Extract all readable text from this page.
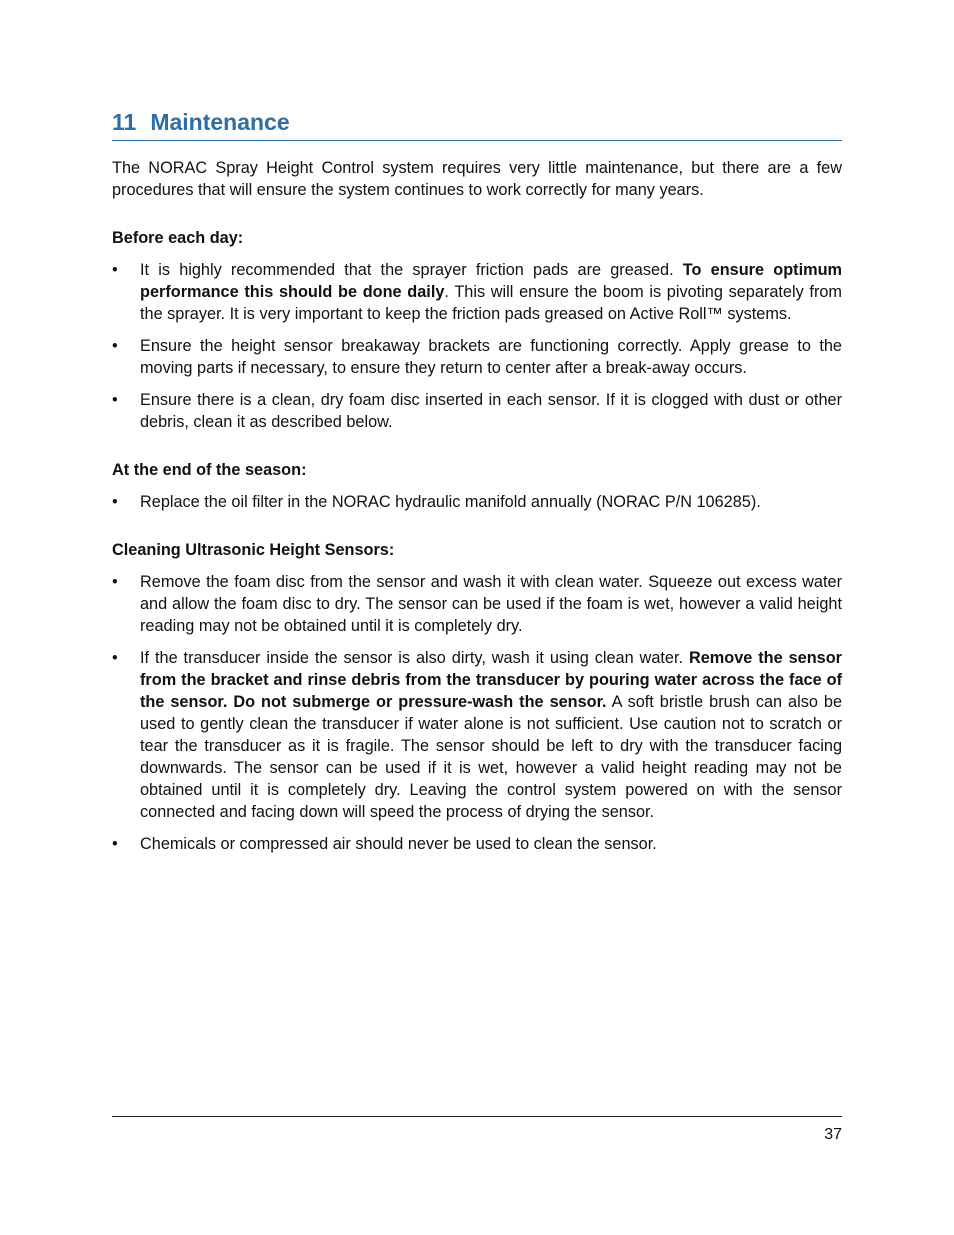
11 Maintenance

The NORAC Spray Height Control system requires very little maintenance, but there are a few procedures that will ensure the system continues to work correctly for many years.

Before each day:

• It is highly recommended that the sprayer friction pads are greased. To ensure optimum performance this should be done daily. This will ensure the boom is pivoting separately from the sprayer. It is very important to keep the friction pads greased on Active Roll™ systems.
• Ensure the height sensor breakaway brackets are functioning correctly. Apply grease to the moving parts if necessary, to ensure they return to center after a break-away occurs.
• Ensure there is a clean, dry foam disc inserted in each sensor. If it is clogged with dust or other debris, clean it as described below.

At the end of the season:

• Replace the oil filter in the NORAC hydraulic manifold annually (NORAC P/N 106285).

Cleaning Ultrasonic Height Sensors:

• Remove the foam disc from the sensor and wash it with clean water. Squeeze out excess water and allow the foam disc to dry. The sensor can be used if the foam is wet, however a valid height reading may not be obtained until it is completely dry.
• If the transducer inside the sensor is also dirty, wash it using clean water. Remove the sensor from the bracket and rinse debris from the transducer by pouring water across the face of the sensor. Do not submerge or pressure-wash the sensor. A soft bristle brush can also be used to gently clean the transducer if water alone is not sufficient. Use caution not to scratch or tear the transducer as it is fragile. The sensor should be left to dry with the transducer facing downwards. The sensor can be used if it is wet, however a valid height reading may not be obtained until it is completely dry. Leaving the control system powered on with the sensor connected and facing down will speed the process of drying the sensor.
• Chemicals or compressed air should never be used to clean the sensor.
37
